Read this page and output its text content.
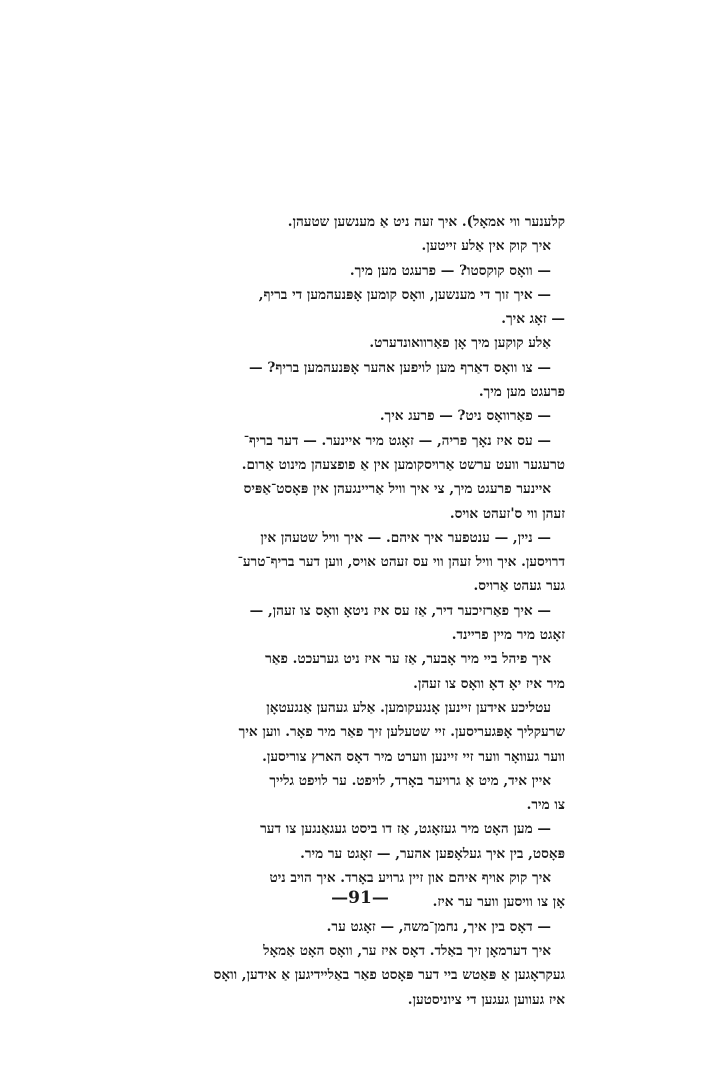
קלענער ווי אמאָל). איך זעה ניט אַ מענשען שטעהן.
איך קוק אין אַלע זייטען.
— וואָס קוקסטו? — פרעגט מען מיך.
— איך זוך די מענשען, וואָס קומען אָפּנעהמען די בריף,
— זאָג איך.
אַלע קוקען מיך אָן פאַרוואונדערט.
— צו וואָס דאַרף מען לויפען אהער אָפּנעהמען בריף? —
פרעגט מען מיך.
— פאַרוואָס ניט? — פרעג איך.
— עס איז נאָך פריה, — זאָגט מיר איינער. — דער בריף־
טרעגער וועט ערשט אַרויסקומען אין אַ פופצעהן מינוט אַרום.
איינער פרעגט מיך, צי איך וויל אַריינגעהן אין פּאָסט־אַפּיס
זעהן ווי ס'זעהט אויס.
— ניין, — ענטפער איך איהם. — איך וויל שטעהן אין
דרויסען. איך וויל זעהן ווי עס זעהט אויס, ווען דער בריף־טרע־
גער געהט אַרויס.
— איך פאַרזיכער דיר, אַז עס איז ניטאָ וואָס צו זעהן, —
זאָגט מיר מיין פריינד.
איך פיהל ביי מיר אָבער, אַז ער איז ניט גערעכט. פאַר
מיר איז יאָ דאָ וואָס צו זעהן.
עטליכע אידען זיינען אָנגעקומען. אַלע געהען אַנגעטאָן
שרעקליך אָפּגעריסען. זיי שטעלען זיך פאַר מיר פאָר. ווען איך
ווער געוואָר ווער זיי זיינען ווערט מיר דאָס הארץ צוריסען.
איין איד, מיט אַ גרויער באָרד, לויפט. ער לויפט גלייך
צו מיר.
— מען האָט מיר געזאָגט, אַז דו ביסט געגאַנגען צו דער
פּאָסט, בין איך געלאָפען אהער, — זאָגט ער מיר.
איך קוק אויף איהם און זיין גרויע באָרד. איך הויב ניט
אָן צו וויסען ווער ער איז.
— דאָס בין איך, נחמן־משה, — זאָגט ער.
איך דערמאָן זיך באַלד. דאָס איז ער, וואָס האָט אַמאָל
געקראָגען אַ פּאַטש ביי דער פּאָסט פאַר באַליידיגען אַ אידען, וואָס
איז געווען געגען די ציוניסטען.
—91—
